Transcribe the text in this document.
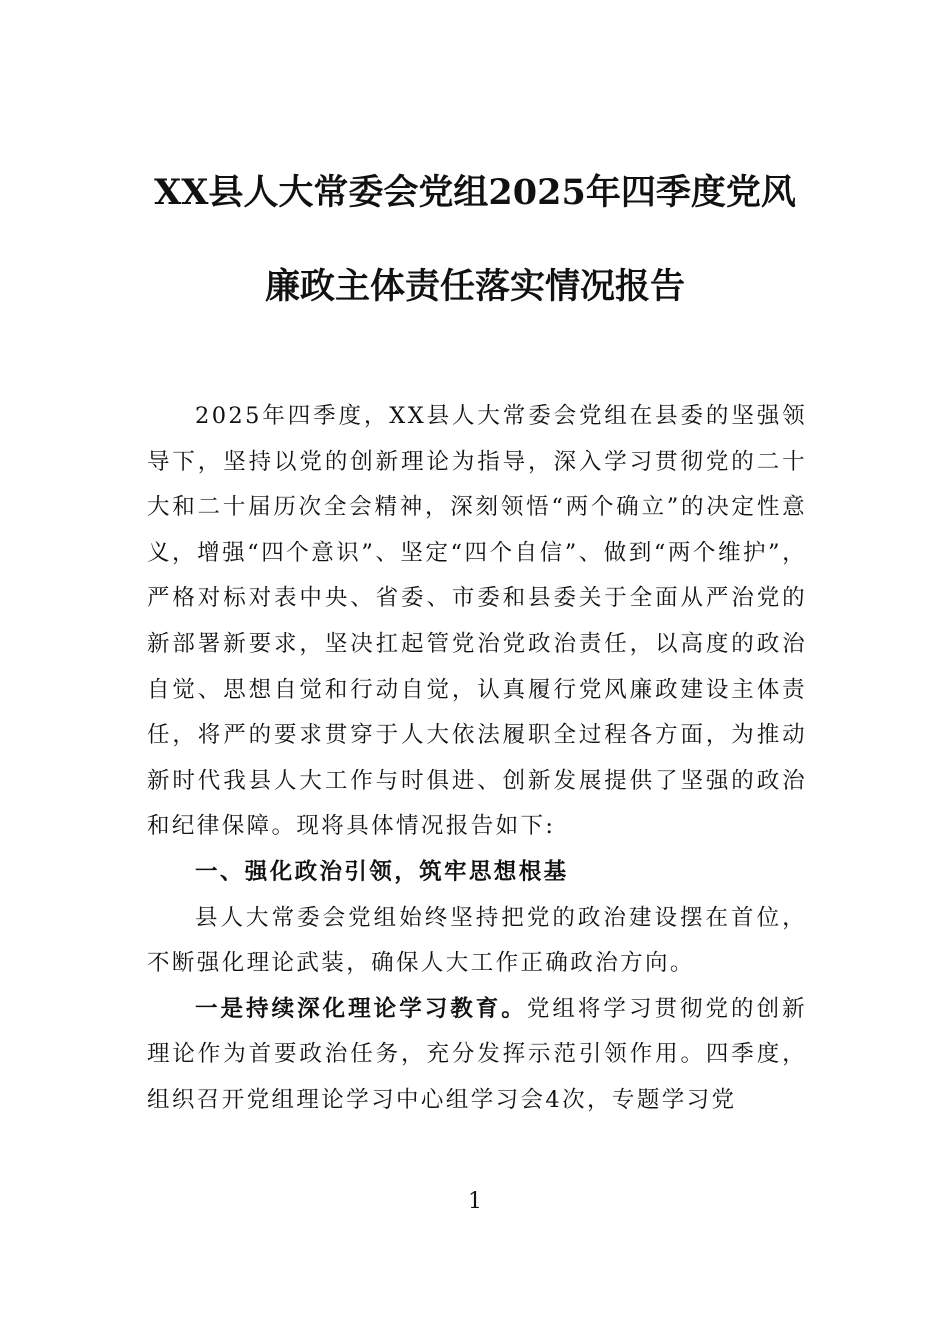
XX县人大常委会党组2025年四季度党风
廉政主体责任落实情况报告

2025年四季度，XX县人大常委会党组在县委的坚强领导下，坚持以党的创新理论为指导，深入学习贯彻党的二十大和二十届历次全会精神，深刻领悟“两个确立”的决定性意义，增强“四个意识”、坚定“四个自信”、做到“两个维护”，严格对标对表中央、省委、市委和县委关于全面从严治党的新部署新要求，坚决扛起管党治党政治责任，以高度的政治自觉、思想自觉和行动自觉，认真履行党风廉政建设主体责任，将严的要求贯穿于人大依法履职全过程各方面，为推动新时代我县人大工作与时俱进、创新发展提供了坚强的政治和纪律保障。现将具体情况报告如下:

一、强化政治引领，筑牢思想根基

县人大常委会党组始终坚持把党的政治建设摆在首位，不断强化理论武装，确保人大工作正确政治方向。

一是持续深化理论学习教育。党组将学习贯彻党的创新理论作为首要政治任务，充分发挥示范引领作用。四季度，组织召开党组理论学习中心组学习会4次，专题学习党

1
